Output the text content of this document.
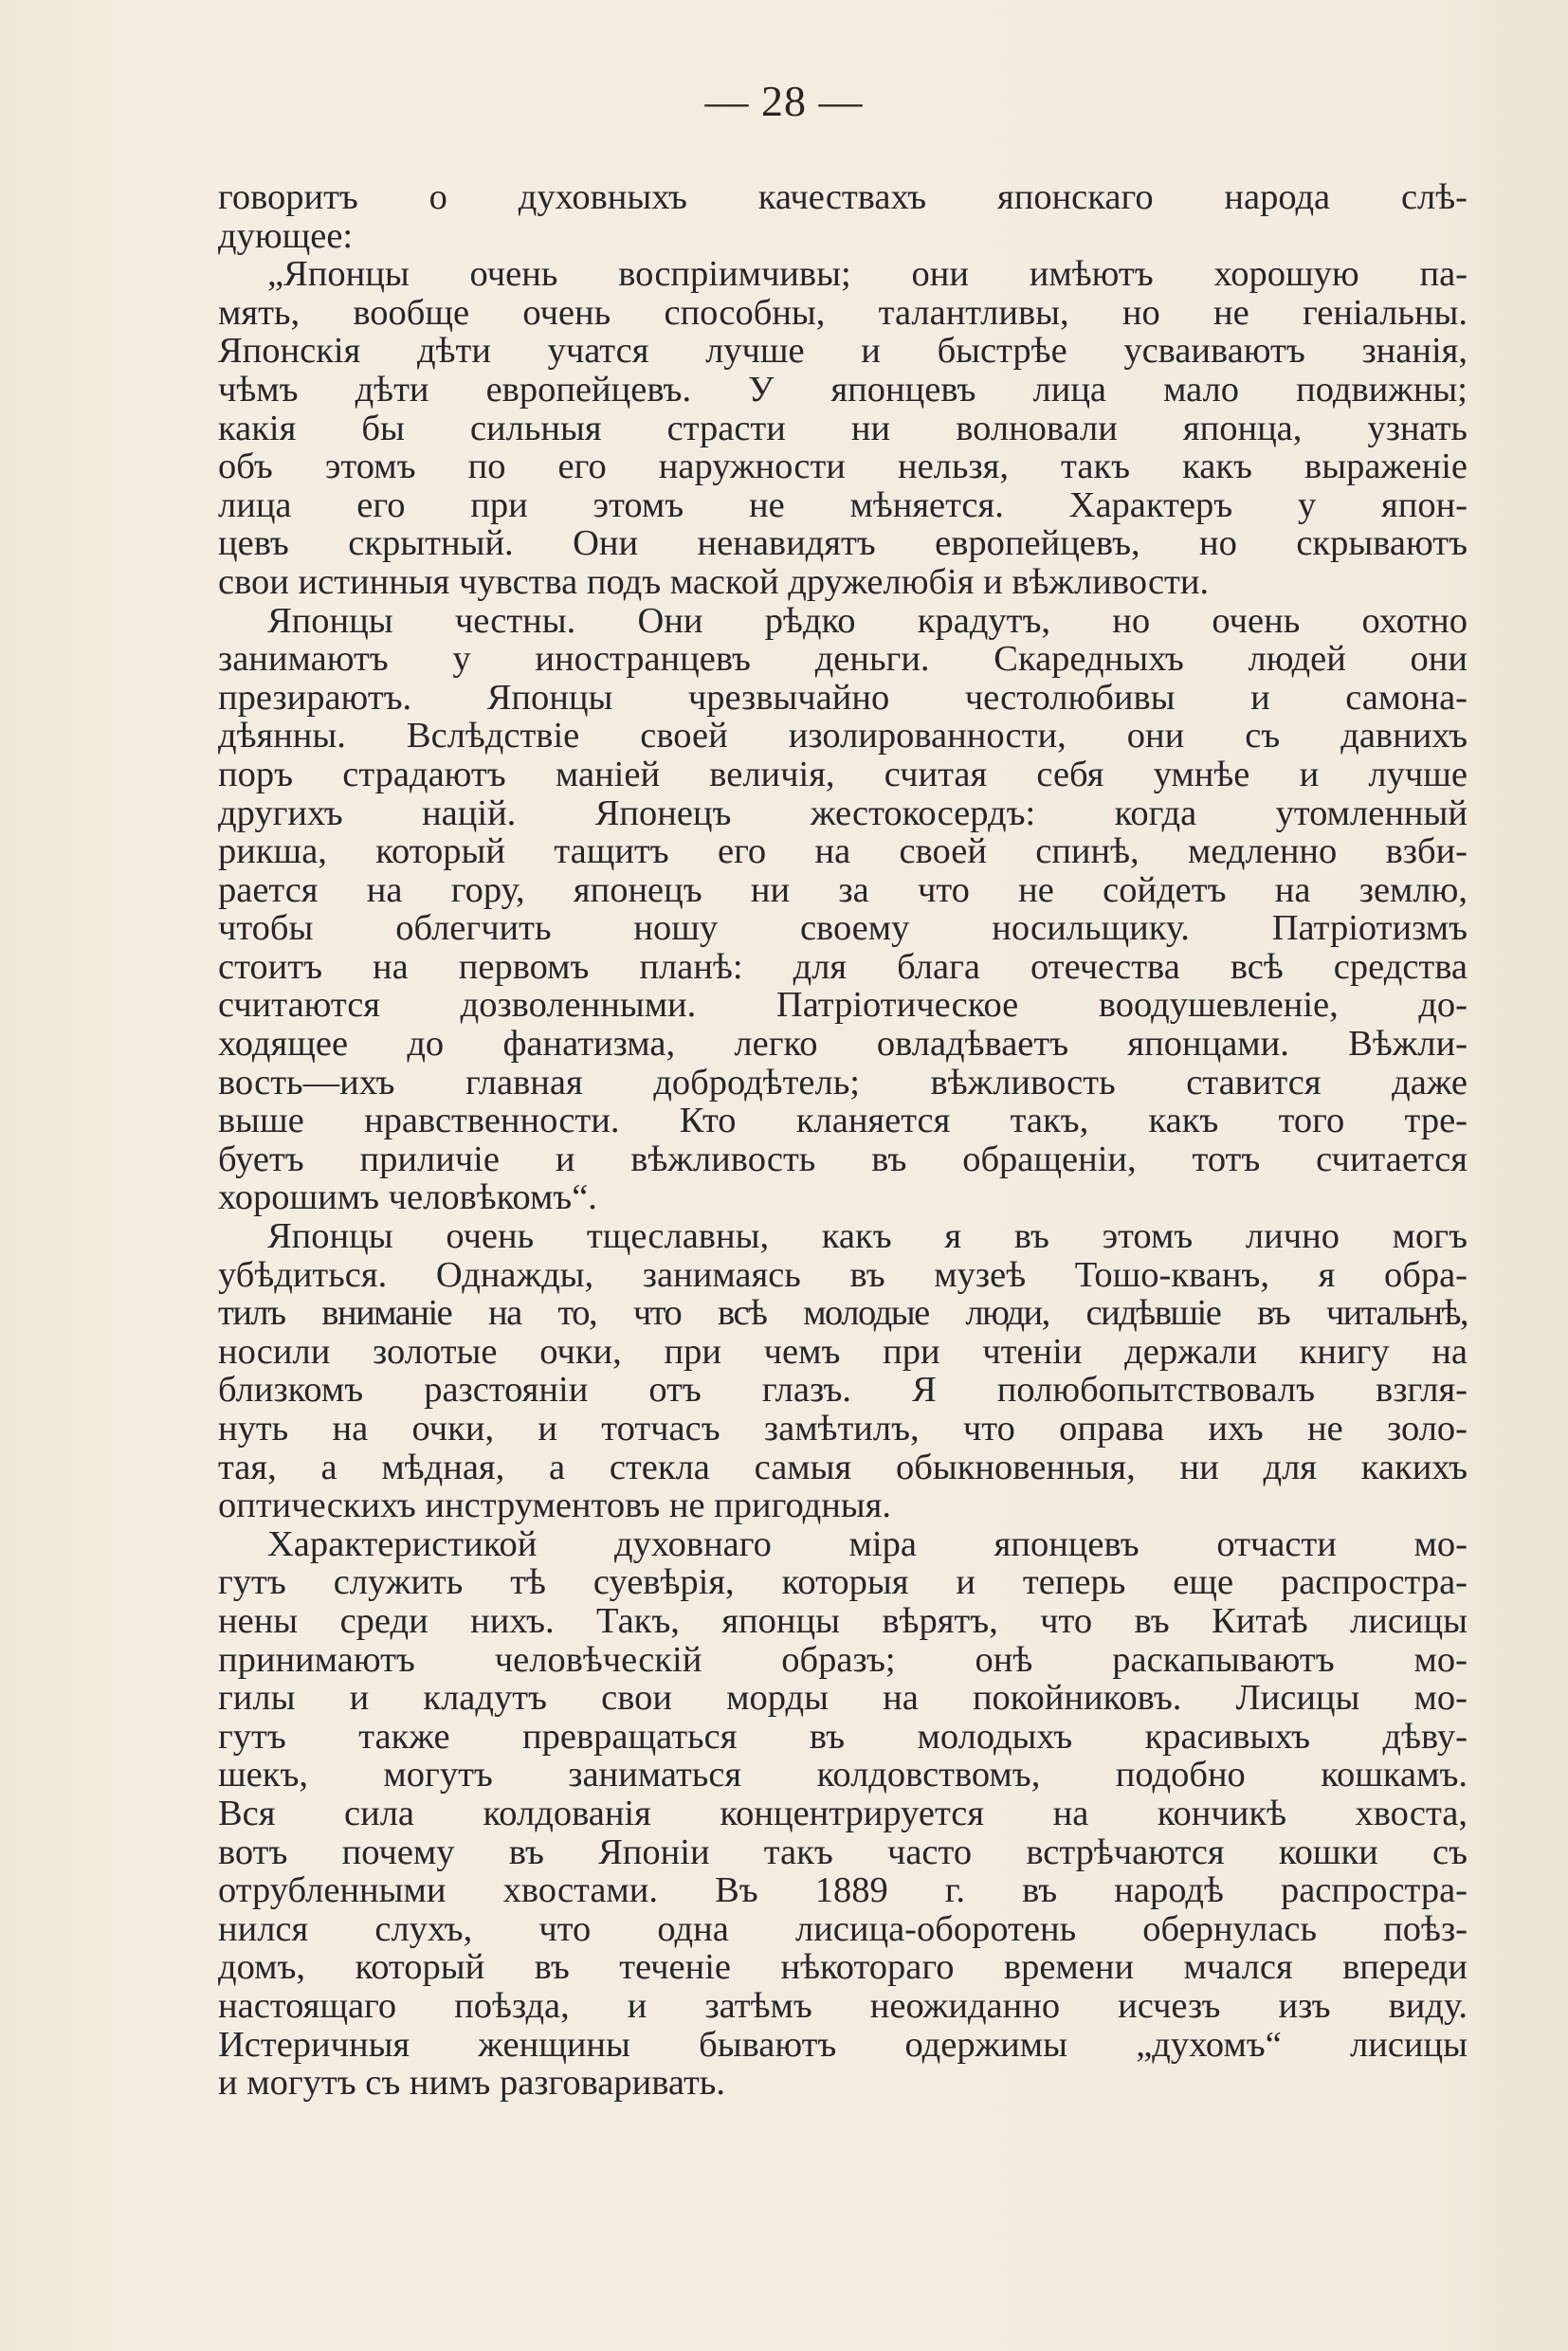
— 28 —
говоритъ о духовныхъ качествахъ японскаго народа слѣ-
дующее:
„Японцы очень воспріимчивы; они имѣютъ хорошую па-
мять, вообще очень способны, талантливы, но не геніальны.
Японскія дѣти учатся лучше и быстрѣе усваиваютъ знанія,
чѣмъ дѣти европейцевъ. У японцевъ лица мало подвижны;
какія бы сильныя страсти ни волновали японца, узнать
объ этомъ по его наружности нельзя, такъ какъ выраженіе
лица его при этомъ не мѣняется. Характеръ у япон-
цевъ скрытный. Они ненавидятъ европейцевъ, но скрываютъ
свои истинныя чувства подъ маской дружелюбія и вѣжливости.
Японцы честны. Они рѣдко крадутъ, но очень охотно
занимаютъ у иностранцевъ деньги. Скаредныхъ людей они
презираютъ. Японцы чрезвычайно честолюбивы и самона-
дѣянны. Вслѣдствіе своей изолированности, они съ давнихъ
поръ страдаютъ маніей величія, считая себя умнѣе и лучше
другихъ націй. Японецъ жестокосердъ: когда утомленный
рикша, который тащитъ его на своей спинѣ, медленно взби-
рается на гору, японецъ ни за что не сойдетъ на землю,
чтобы облегчить ношу своему носильщику. Патріотизмъ
стоитъ на первомъ планѣ: для блага отечества всѣ средства
считаются дозволенными. Патріотическое воодушевленіе, до-
ходящее до фанатизма, легко овладѣваетъ японцами. Вѣжли-
вость—ихъ главная добродѣтель; вѣжливость ставится даже
выше нравственности. Кто кланяется такъ, какъ того тре-
буетъ приличіе и вѣжливость въ обращеніи, тотъ считается
хорошимъ человѣкомъ“.
Японцы очень тщеславны, какъ я въ этомъ лично могъ
убѣдиться. Однажды, занимаясь въ музеѣ Тошо-кванъ, я обра-
тилъ вниманіе на то, что всѣ молодые люди, сидѣвшіе въ читальнѣ,
носили золотые очки, при чемъ при чтеніи держали книгу на
близкомъ разстояніи отъ глазъ. Я полюбопытствовалъ взгля-
нуть на очки, и тотчасъ замѣтилъ, что оправа ихъ не золо-
тая, а мѣдная, а стекла самыя обыкновенныя, ни для какихъ
оптическихъ инструментовъ не пригодныя.
Характеристикой духовнаго міра японцевъ отчасти мо-
гутъ служить тѣ суевѣрія, которыя и теперь еще распростра-
нены среди нихъ. Такъ, японцы вѣрятъ, что въ Китаѣ лисицы
принимаютъ человѣческій образъ; онѣ раскапываютъ мо-
гилы и кладутъ свои морды на покойниковъ. Лисицы мо-
гутъ также превращаться въ молодыхъ красивыхъ дѣву-
шекъ, могутъ заниматься колдовствомъ, подобно кошкамъ.
Вся сила колдованія концентрируется на кончикѣ хвоста,
вотъ почему въ Японіи такъ часто встрѣчаются кошки съ
отрубленными хвостами. Въ 1889 г. въ народѣ распростра-
нился слухъ, что одна лисица-оборотень обернулась поѣз-
домъ, который въ теченіе нѣкотораго времени мчался впереди
настоящаго поѣзда, и затѣмъ неожиданно исчезъ изъ виду.
Истеричныя женщины бываютъ одержимы „духомъ“ лисицы
и могутъ съ нимъ разговаривать.
